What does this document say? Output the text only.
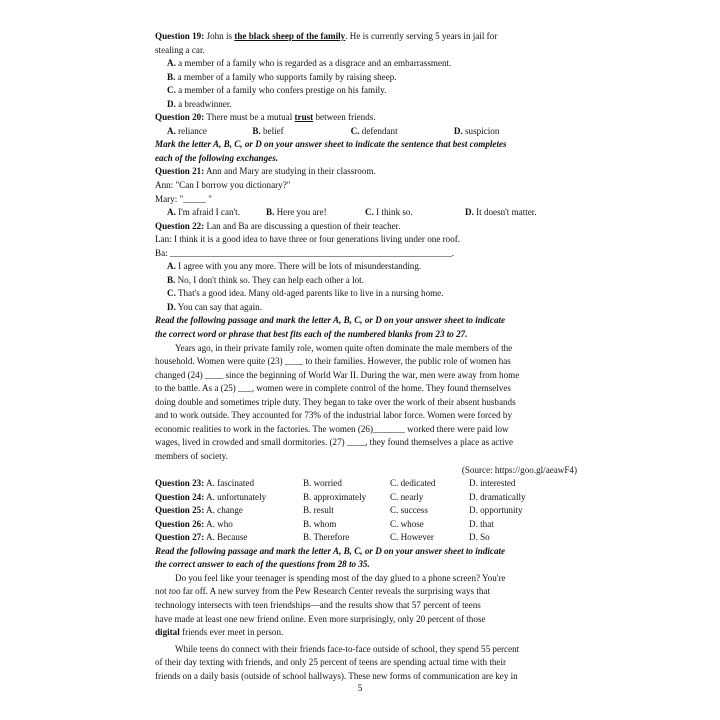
Question 19: John is the black sheep of the family. He is currently serving 5 years in jail for
stealing a car.
A. a member of a family who is regarded as a disgrace and an embarrassment.
B. a member of a family who supports family by raising sheep.
C. a member of a family who confers prestige on his family.
D. a breadwinner.
Question 20: There must be a mutual trust between friends.
A. reliance	B. belief	C. defendant	D. suspicion
Mark the letter A, B, C, or D on your answer sheet to indicate the sentence that best completes
each of the following exchanges.
Question 21: Ann and Mary are studying in their classroom.
Ann: "Can I borrow you dictionary?"
Mary: "_____ "
A. I'm afraid I can't.	B. Here you are!	C. I think so.	D. It doesn't matter.
Question 22: Lan and Ba are discussing a question of their teacher.
Lan: I think it is a good idea to have three or four generations living under one roof.
Ba: ______________________________________________________________.
A. I agree with you any more. There will be lots of misunderstanding.
B. No, I don't think so. They can help each other a lot.
C. That's a good idea. Many old-aged parents like to live in a nursing home.
D. You can say that again.
Read the following passage and mark the letter A, B, C, or D on your answer sheet to indicate
the correct word or phrase that best fits each of the numbered blanks from 23 to 27.
Years ago, in their private family role, women quite often dominate the male members of the
household. Women were quite (23) ____ to their families. However, the public role of women has
changed (24) ____ since the beginning of World War II. During the war, men were away from home
to the battle. As a (25) ___, women were in complete control of the home. They found themselves
doing double and sometimes triple duty. They began to take over the work of their absent husbands
and to work outside. They accounted for 73% of the industrial labor force. Women were forced by
economic realities to work in the factories. The women (26)_______ worked there were paid low
wages, lived in crowded and small dormitories. (27) ____, they found themselves a place as active
members of society.
(Source: https://goo.gl/aeawF4)
Question 23: A. fascinated	B. worried	C. dedicated	D. interested
Question 24: A. unfortunately	B. approximately	C. nearly	D. dramatically
Question 25: A. change	B. result	C. success	D. opportunity
Question 26: A. who	B. whom	C. whose	D. that
Question 27: A. Because	B. Therefore	C. However	D. So
Read the following passage and mark the letter A, B, C, or D on your answer sheet to indicate
the correct answer to each of the questions from 28 to 35.
Do you feel like your teenager is spending most of the day glued to a phone screen? You're
not too far off. A new survey from the Pew Research Center reveals the surprising ways that
technology intersects with teen friendships—and the results show that 57 percent of teens
have made at least one new friend online. Even more surprisingly, only 20 percent of those
digital friends ever meet in person.
While teens do connect with their friends face-to-face outside of school, they spend 55 percent
of their day texting with friends, and only 25 percent of teens are spending actual time with their
friends on a daily basis (outside of school hallways). These new forms of communication are key in
5
